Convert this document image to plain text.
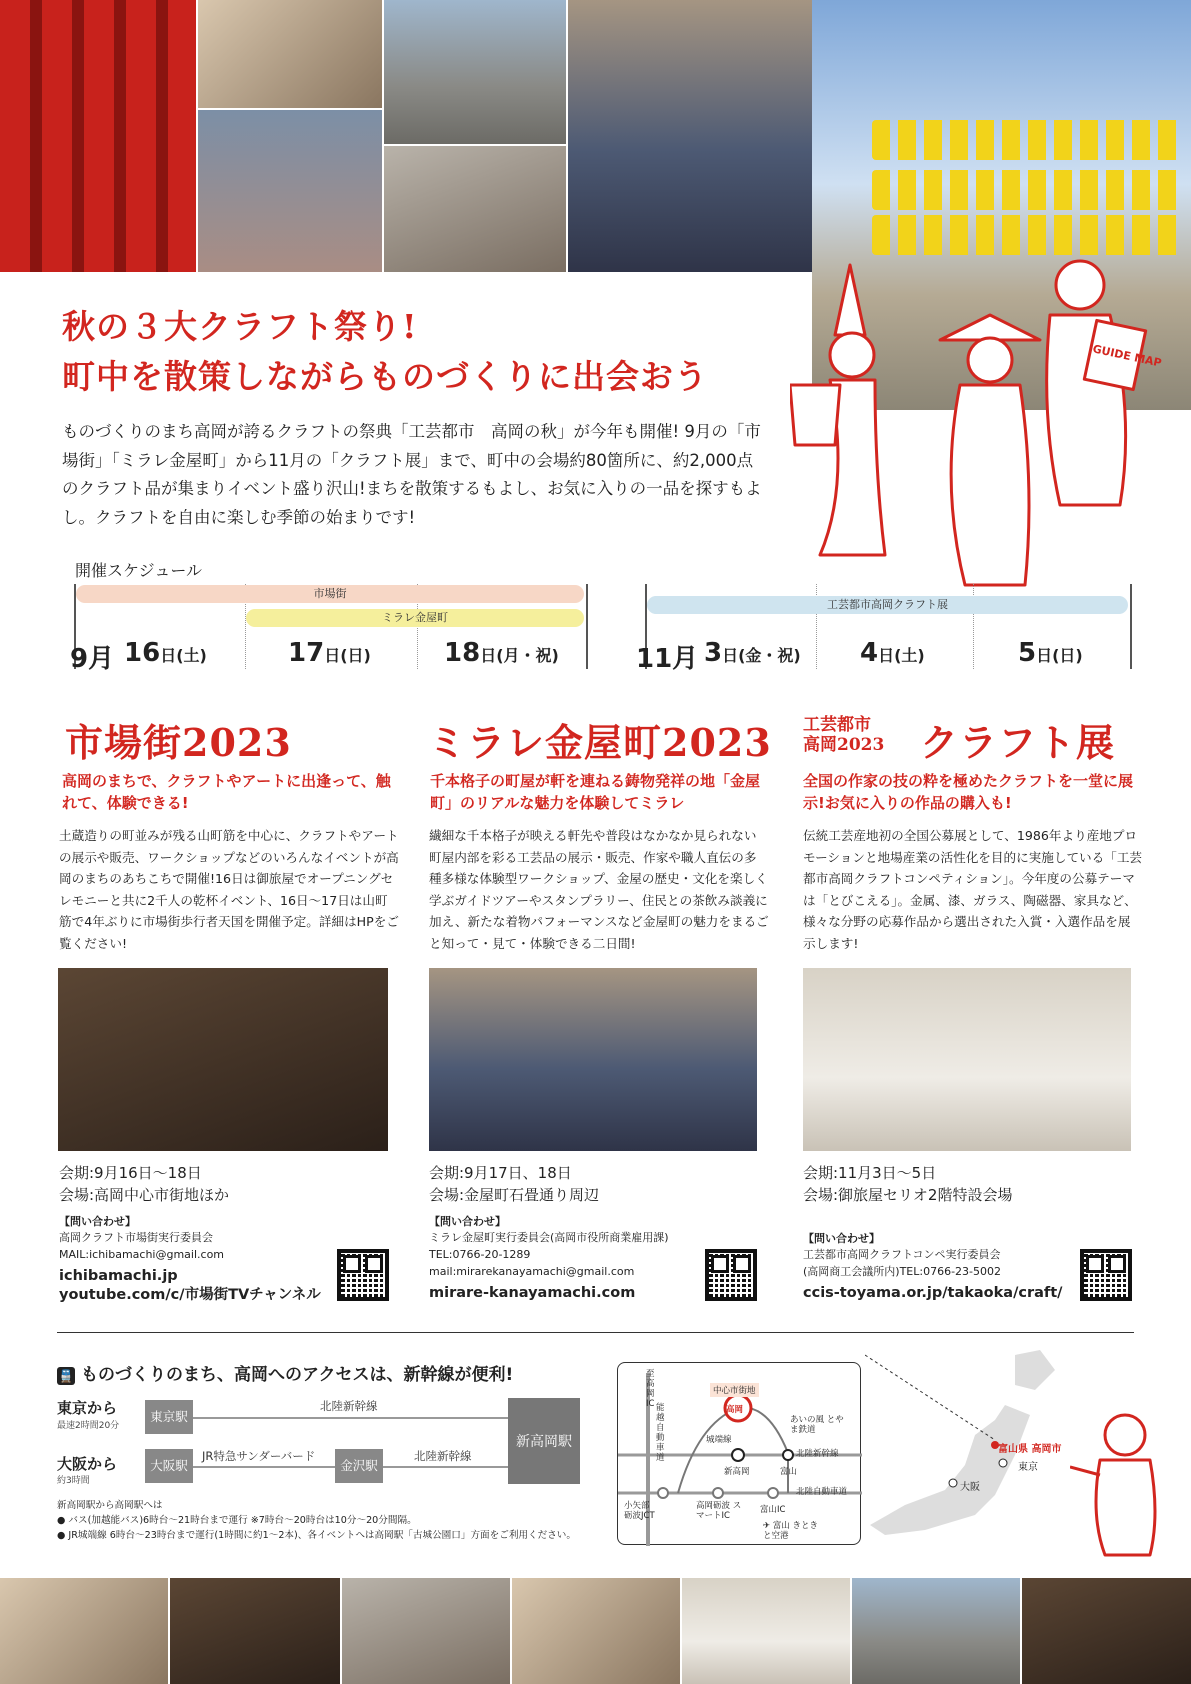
GUIDE MAP
秋の３大クラフト祭り!
町中を散策しながらものづくりに出会おう
ものづくりのまち高岡が誇るクラフトの祭典「工芸都市　高岡の秋」が今年も開催! 9月の「市場街」「ミラレ金屋町」から11月の「クラフト展」まで、町中の会場約80箇所に、約2,000点のクラフト品が集まりイベント盛り沢山!まちを散策するもよし、お気に入りの一品を探すもよし。クラフトを自由に楽しむ季節の始まりです!
開催スケジュール
市場街
ミラレ金屋町
工芸都市高岡クラフト展
9月 16日(土)	17日(日)	18日(月・祝)	11月 3日(金・祝) 4日(土)	5日(日)
市場街2023
高岡のまちで、クラフトやアートに出逢って、触れて、体験できる!
土蔵造りの町並みが残る山町筋を中心に、クラフトやアートの展示や販売、ワークショップなどのいろんなイベントが高岡のまちのあちこちで開催!16日は御旅屋でオープニングセレモニーと共に2千人の乾杯イベント、16日〜17日は山町筋で4年ぶりに市場街歩行者天国を開催予定。詳細はHPをご覧ください!
会期:9月16日〜18日
会場:高岡中心市街地ほか
【問い合わせ】
高岡クラフト市場街実行委員会
MAIL:ichibamachi@gmail.com
ichibamachi.jp
youtube.com/c/市場街TVチャンネル
ミラレ金屋町2023
千本格子の町屋が軒を連ねる鋳物発祥の地「金屋町」のリアルな魅力を体験してミラレ
繊細な千本格子が映える軒先や普段はなかなか見られない町屋内部を彩る工芸品の展示・販売、作家や職人直伝の多種多様な体験型ワークショップ、金屋の歴史・文化を楽しく学ぶガイドツアーやスタンプラリー、住民との茶飲み談義に加え、新たな着物パフォーマンスなど金屋町の魅力をまるごと知って・見て・体験できる二日間!
会期:9月17日、18日
会場:金屋町石畳通り周辺
【問い合わせ】
ミラレ金屋町実行委員会(高岡市役所商業雇用課)
TEL:0766-20-1289
mail:mirarekanayamachi@gmail.com
mirare-kanayamachi.com
工芸都市
高岡2023 クラフト展
全国の作家の技の粋を極めたクラフトを一堂に展示!お気に入りの作品の購入も!
伝統工芸産地初の全国公募展として、1986年より産地プロモーションと地場産業の活性化を目的に実施している「工芸都市高岡クラフトコンペティション」。今年度の公募テーマは「とびこえる」。金属、漆、ガラス、陶磁器、家具など、様々な分野の応募作品から選出された入賞・入選作品を展示します!
会期:11月3日〜5日
会場:御旅屋セリオ2階特設会場
【問い合わせ】
工芸都市高岡クラフトコンペ実行委員会
(高岡商工会議所内)TEL:0766-23-5002
ccis-toyama.or.jp/takaoka/craft/
🚆 ものづくりのまち、高岡へのアクセスは、新幹線が便利!
東京から
最速2時間20分
大阪から
約3時間
東京駅
大阪駅	金沢駅
新高岡駅
北陸新幹線
JR特急サンダーバード	北陸新幹線
新高岡駅から高岡駅へは
● バス(加越能バス)6時台〜21時台まで運行 ※7時台〜20時台は10分〜20分間隔。
● JR城端線 6時台〜23時台まで運行(1時間に約1〜2本)、各イベントへは高岡駅「古城公園口」方面をご利用ください。
至 高岡IC
中心市街地
高岡
あいの風 とやま鉄道
城端線
能越自動車道
新高岡	富山
北陸新幹線
小矢部 砺波JCT
高岡砺波 スマートIC
富山IC
北陸自動車道
✈ 富山 きときと空港
富山県 高岡市
東京
大阪
